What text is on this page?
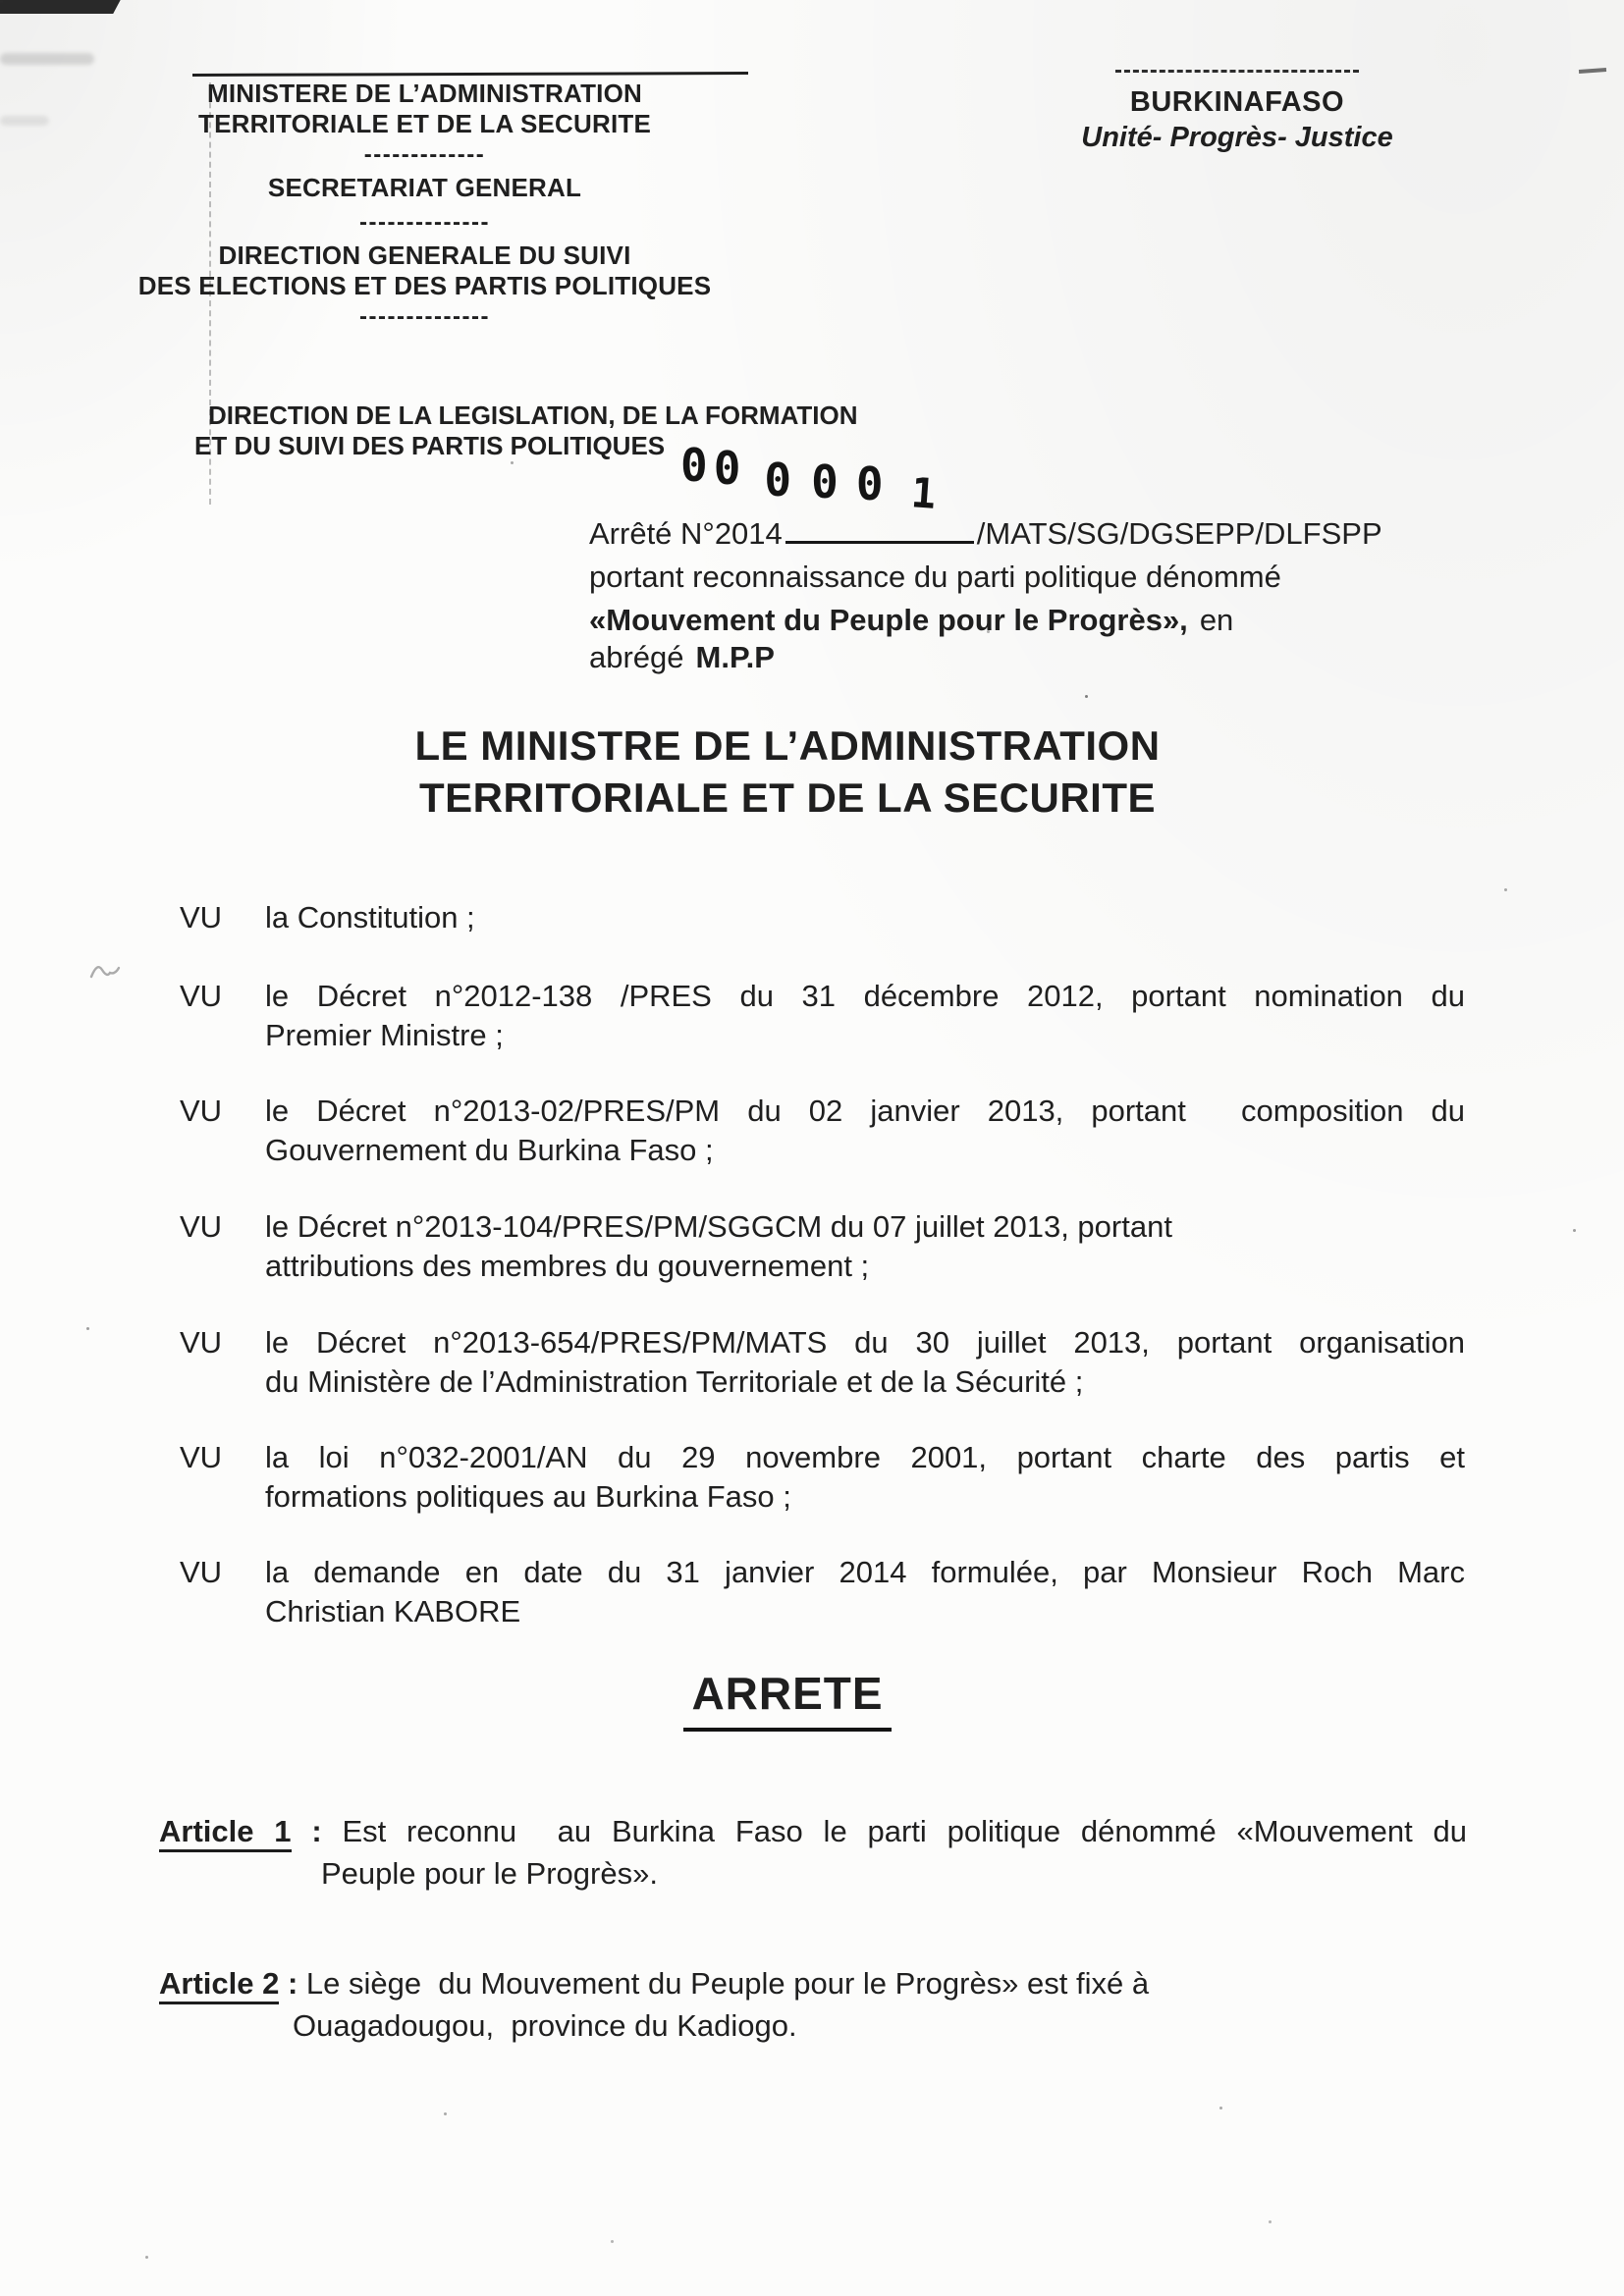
MINISTERE DE L’ADMINISTRATION
TERRITORIALE ET DE LA SECURITE
-------------
SECRETARIAT GENERAL
--------------
DIRECTION GENERALE DU SUIVI
DES ELECTIONS ET DES PARTIS POLITIQUES
--------------
DIRECTION DE LA LEGISLATION, DE LA FORMATION
ET DU SUIVI DES PARTIS POLITIQUES
BURKINAFASO
Unité- Progrès- Justice
0 0 0 0 0 1
Arrêté N°2014	/MATS/SG/DGSEPP/DLFSPP
portant reconnaissance du parti politique dénommé
«Mouvement du Peuple pour le Progrès», en abrégé M.P.P
LE MINISTRE DE L’ADMINISTRATION
TERRITORIALE ET DE LA SECURITE
VU la Constitution ;
VU le Décret n°2012-138 /PRES du 31 décembre 2012, portant nomination du
Premier Ministre ;
VU le Décret n°2013-02/PRES/PM du 02 janvier 2013, portant  composition du
Gouvernement du Burkina Faso ;
VU le Décret n°2013-104/PRES/PM/SGGCM du 07 juillet 2013, portant
attributions des membres du gouvernement ;
VU le Décret n°2013-654/PRES/PM/MATS du 30 juillet 2013, portant organisation
du Ministère de l’Administration Territoriale et de la Sécurité ;
VU la loi n°032-2001/AN du 29 novembre 2001, portant charte des partis et
formations politiques au Burkina Faso ;
VU la demande en date du 31 janvier 2014 formulée, par Monsieur Roch Marc
Christian KABORE
ARRETE
Article 1 : Est reconnu  au Burkina Faso le parti politique dénommé «Mouvement du
Peuple pour le Progrès».
Article 2 : Le siège  du Mouvement du Peuple pour le Progrès» est fixé à
Ouagadougou,  province du Kadiogo.
